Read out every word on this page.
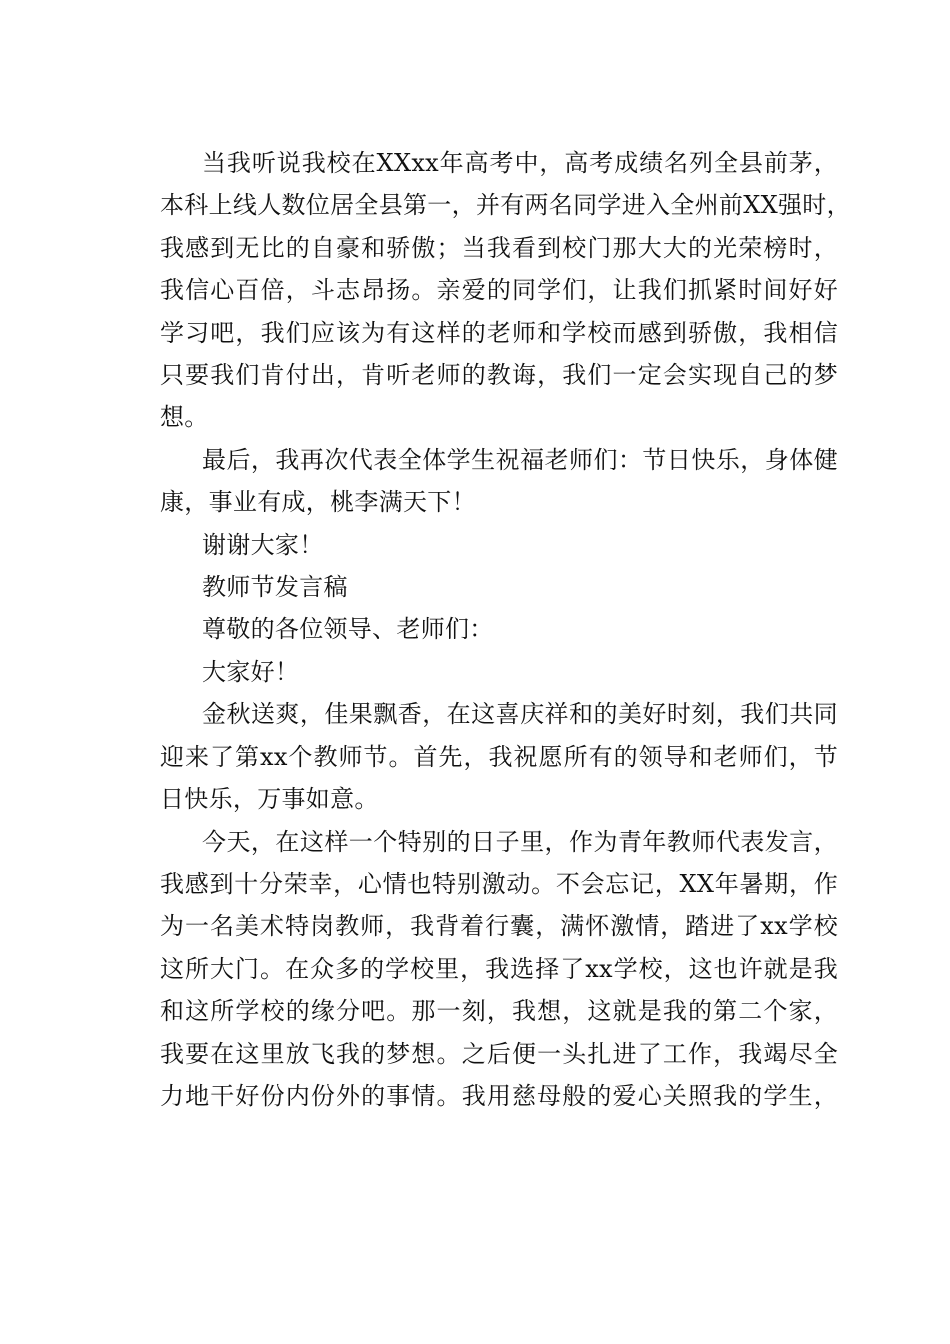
当我听说我校在XXxx年高考中，高考成绩名列全县前茅，
本科上线人数位居全县第一，并有两名同学进入全州前XX强时，
我感到无比的自豪和骄傲；当我看到校门那大大的光荣榜时，
我信心百倍，斗志昂扬。亲爱的同学们，让我们抓紧时间好好
学习吧，我们应该为有这样的老师和学校而感到骄傲，我相信
只要我们肯付出，肯听老师的教诲，我们一定会实现自己的梦
想。
最后，我再次代表全体学生祝福老师们：节日快乐，身体健
康，事业有成，桃李满天下！
谢谢大家！
教师节发言稿
尊敬的各位领导、老师们：
大家好！
金秋送爽，佳果飘香，在这喜庆祥和的美好时刻，我们共同
迎来了第xx个教师节。首先，我祝愿所有的领导和老师们，节
日快乐，万事如意。
今天，在这样一个特别的日子里，作为青年教师代表发言，
我感到十分荣幸，心情也特别激动。不会忘记，XX年暑期，作
为一名美术特岗教师，我背着行囊，满怀激情，踏进了xx学校
这所大门。在众多的学校里，我选择了xx学校，这也许就是我
和这所学校的缘分吧。那一刻，我想，这就是我的第二个家，
我要在这里放飞我的梦想。之后便一头扎进了工作，我竭尽全
力地干好份内份外的事情。我用慈母般的爱心关照我的学生，
